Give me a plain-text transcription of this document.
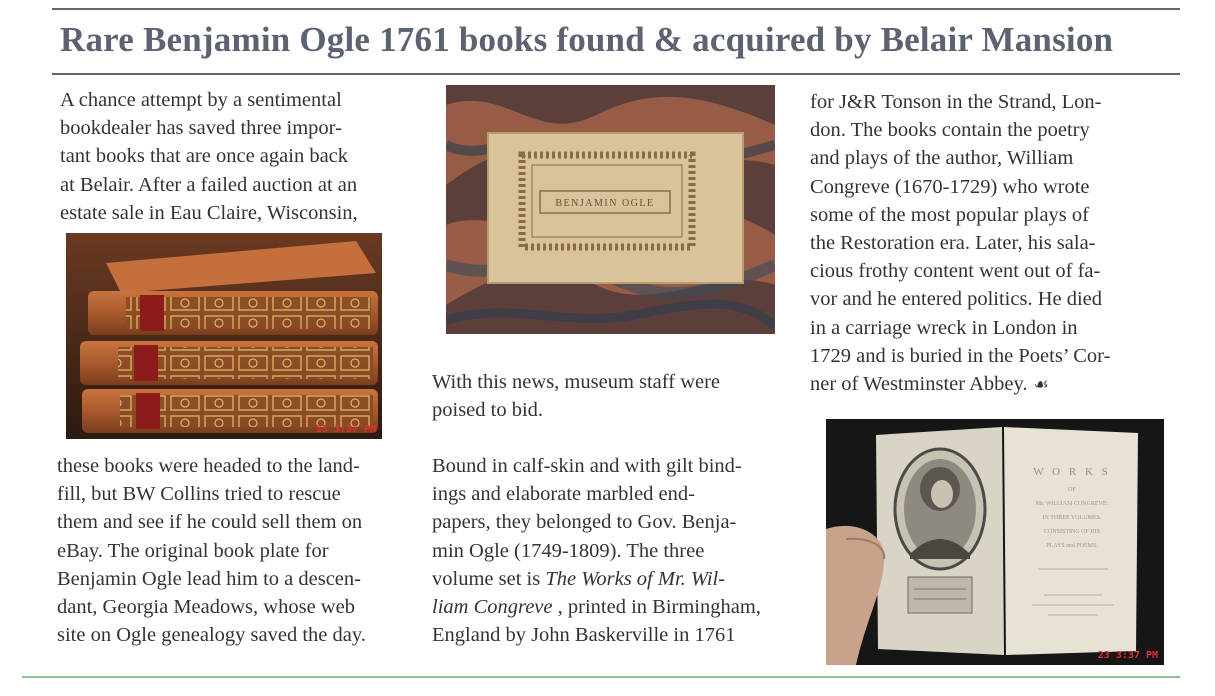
Rare Benjamin Ogle 1761 books found & acquired by Belair Mansion
A chance attempt by a sentimental
bookdealer has saved three impor-
tant books that are once again back
at Belair. After a failed auction at an
estate sale in Eau Claire, Wisconsin,
23 3:37 PM
these books were headed to the land-
fill, but BW Collins tried to rescue
them and see if he could sell them on
eBay. The original book plate for
Benjamin Ogle lead him to a descen-
dant, Georgia Meadows, whose web
site on Ogle genealogy saved the day.
BENJAMIN OGLE
With this news, museum staff were
poised to bid.
Bound in calf-skin and with gilt bind-
ings and elaborate marbled end-
papers, they belonged to Gov. Benja-
min Ogle (1749-1809). The three
volume set is The Works of Mr. Wil-
liam Congreve , printed in Birmingham,
England by John Baskerville in 1761
for J&R Tonson in the Strand, Lon-
don. The books contain the poetry
and plays of the author, William
Congreve (1670-1729) who wrote
some of the most popular plays of
the Restoration era. Later, his sala-
cious frothy content went out of fa-
vor and he entered politics. He died
in a carriage wreck in London in
1729 and is buried in the Poets’ Cor-
ner of Westminster Abbey. ☙
W O R K S
OF
Mr. WILLIAM CONGREVE:
IN THREE VOLUMES.
CONSISTING OF HIS
PLAYS and POEMS.
23 3:37 PM
